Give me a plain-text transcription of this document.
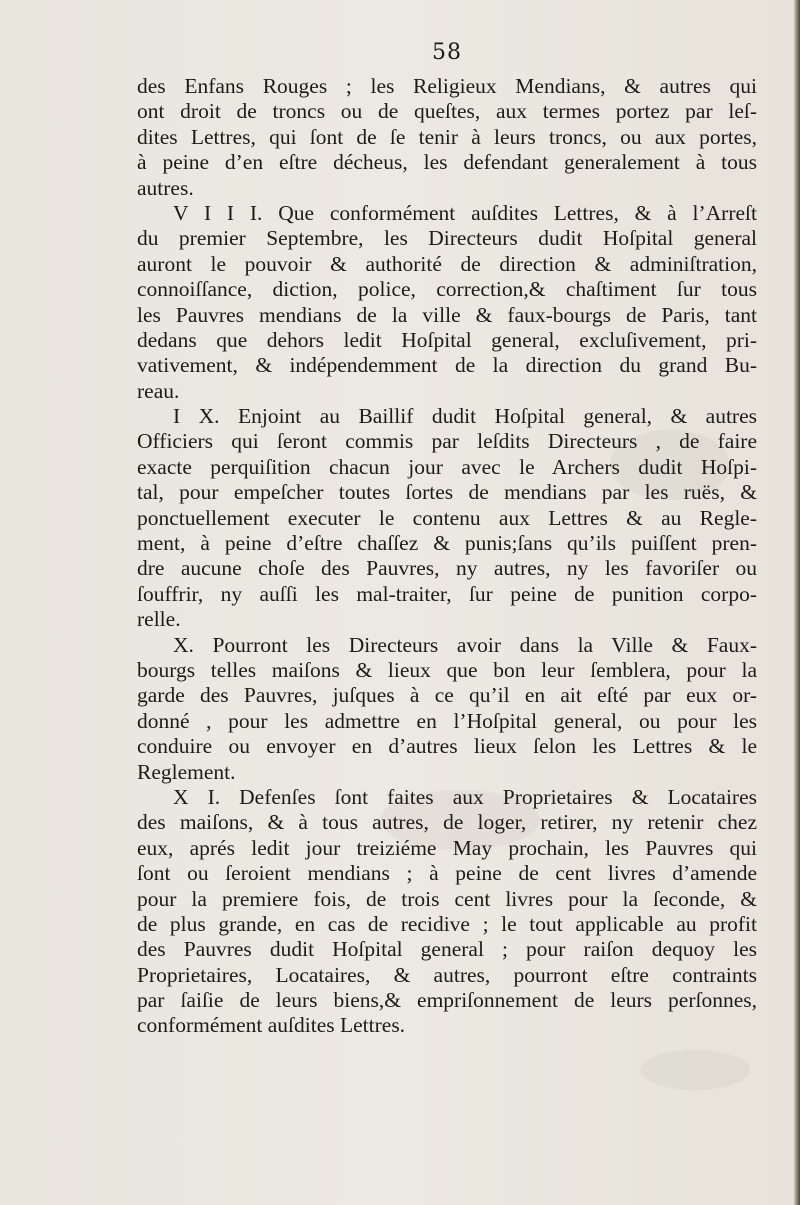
58
des Enfans Rouges ; les Religieux Mendians, & autres qui
ont droit de troncs ou de queſtes, aux termes portez par leſ-
dites Lettres, qui ſont de ſe tenir à leurs troncs, ou aux portes,
à peine d’en eſtre décheus, les defendant generalement à tous
autres.
V I I I. Que conformément auſdites Lettres, & à l’Arreſt
du premier Septembre, les Directeurs dudit Hoſpital general
auront le pouvoir & authorité de direction & adminiſtration,
connoiſſance, diction, police, correction,& chaſtiment ſur tous
les Pauvres mendians de la ville & faux-bourgs de Paris, tant
dedans que dehors ledit Hoſpital general, excluſivement, pri-
vativement, & indépendemment de la direction du grand Bu-
reau.
I X. Enjoint au Baillif dudit Hoſpital general, & autres
Officiers qui ſeront commis par leſdits Directeurs , de faire
exacte perquiſition chacun jour avec le Archers dudit Hoſpi-
tal, pour empeſcher toutes ſortes de mendians par les ruës, &
ponctuellement executer le contenu aux Lettres & au Regle-
ment, à peine d’eſtre chaſſez & punis;ſans qu’ils puiſſent pren-
dre aucune choſe des Pauvres, ny autres, ny les favoriſer ou
ſouffrir, ny auſſi les mal-traiter, ſur peine de punition corpo-
relle.
X. Pourront les Directeurs avoir dans la Ville & Faux-
bourgs telles maiſons & lieux que bon leur ſemblera, pour la
garde des Pauvres, juſques à ce qu’il en ait eſté par eux or-
donné , pour les admettre en l’Hoſpital general, ou pour les
conduire ou envoyer en d’autres lieux ſelon les Lettres & le
Reglement.
X I. Defenſes ſont faites aux Proprietaires & Locataires
des maiſons, & à tous autres, de loger, retirer, ny retenir chez
eux, aprés ledit jour treiziéme May prochain, les Pauvres qui
ſont ou ſeroient mendians ; à peine de cent livres d’amende
pour la premiere fois, de trois cent livres pour la ſeconde, &
de plus grande, en cas de recidive ; le tout applicable au profit
des Pauvres dudit Hoſpital general ; pour raiſon dequoy les
Proprietaires, Locataires, & autres, pourront eſtre contraints
par ſaiſie de leurs biens,& empriſonnement de leurs perſonnes,
conformément auſdites Lettres.
